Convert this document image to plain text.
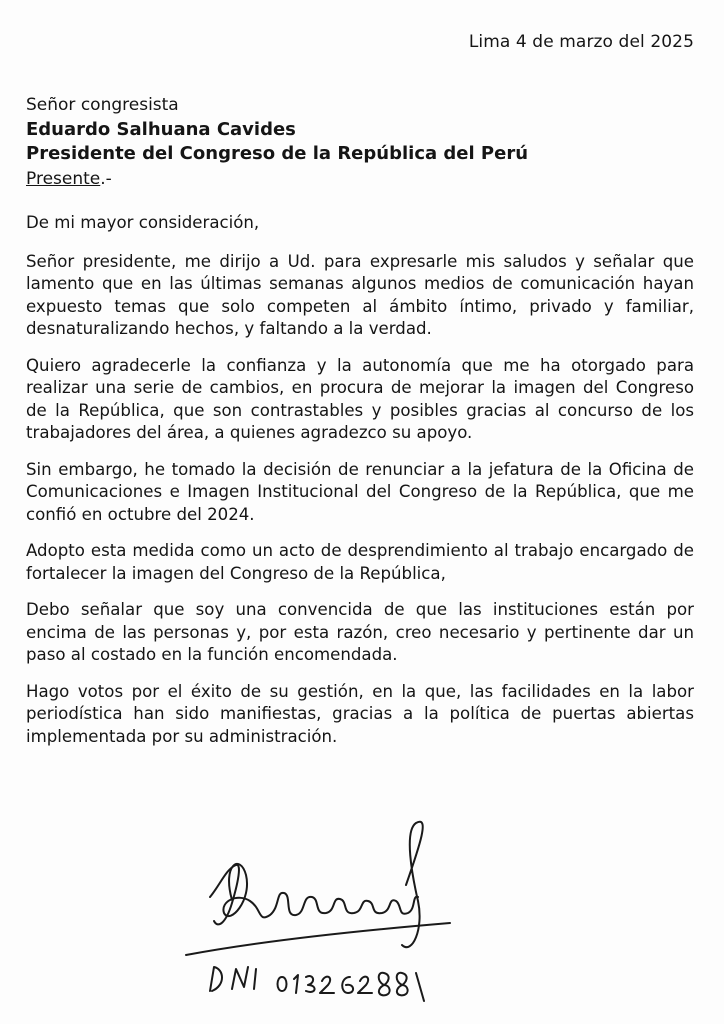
Lima 4 de marzo del 2025
Señor congresista
Eduardo Salhuana Cavides
Presidente del Congreso de la República del Perú
Presente.-

De mi mayor consideración,

Señor presidente, me dirijo a Ud. para expresarle mis saludos y señalar que lamento que en las últimas semanas algunos medios de comunicación hayan expuesto temas que solo competen al ámbito íntimo, privado y familiar, desnaturalizando hechos, y faltando a la verdad.

Quiero agradecerle la confianza y la autonomía que me ha otorgado para realizar una serie de cambios, en procura de mejorar la imagen del Congreso de la República, que son contrastables y posibles gracias al concurso de los trabajadores del área, a quienes agradezco su apoyo.

Sin embargo, he tomado la decisión de renunciar a la jefatura de la Oficina de Comunicaciones e Imagen Institucional del Congreso de la República, que me confió en octubre del 2024.

Adopto esta medida como un acto de desprendimiento al trabajo encargado de fortalecer la imagen del Congreso de la República,

Debo señalar que soy una convencida de que las instituciones están por encima de las personas y, por esta razón, creo necesario y pertinente dar un paso al costado en la función encomendada.

Hago votos por el éxito de su gestión, en la que, las facilidades en la labor periodística han sido manifiestas, gracias a la política de puertas abiertas implementada por su administración.
